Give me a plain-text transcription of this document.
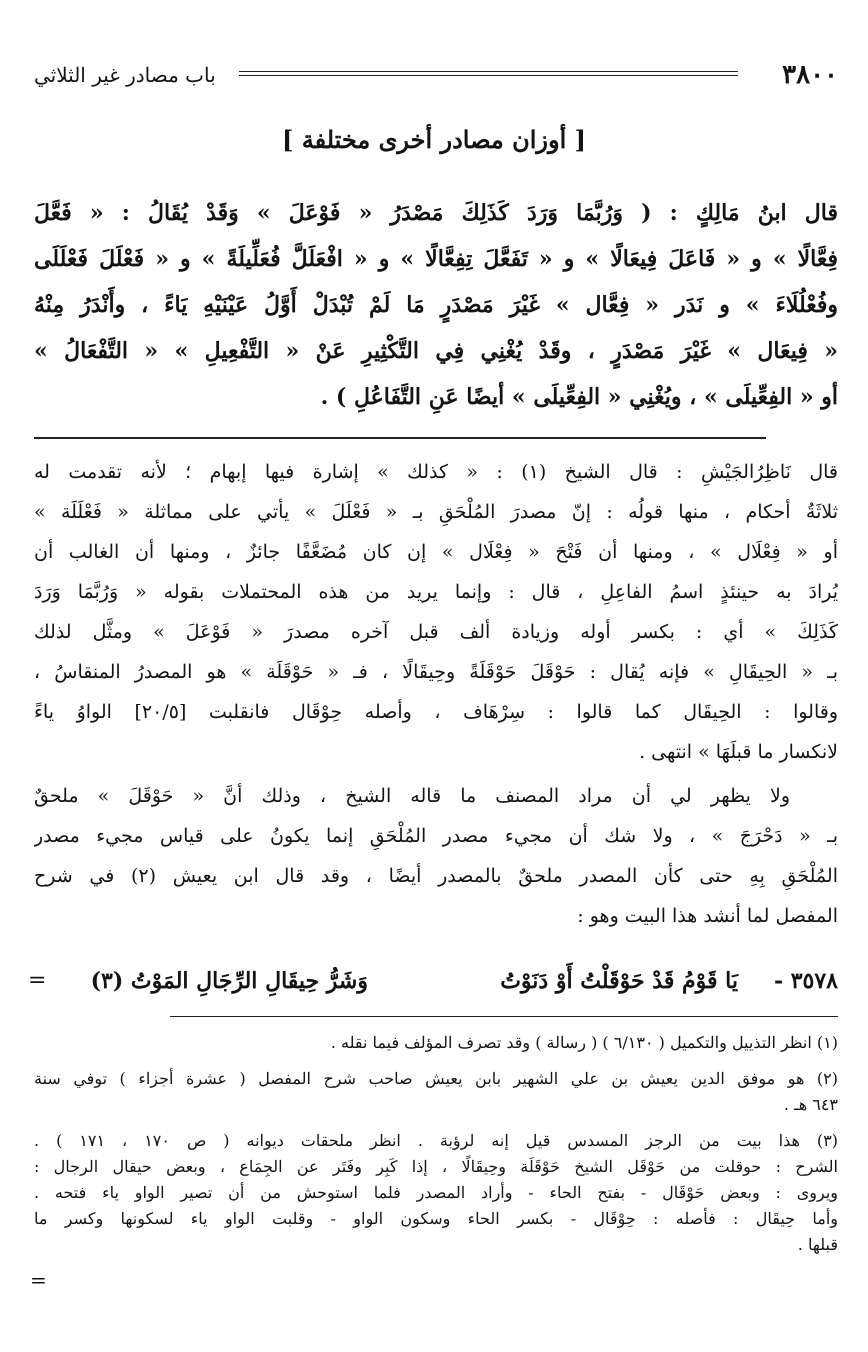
٣٨٠٠
باب مصادر غير الثلاثي
[ أوزان مصادر أخرى مختلفة ]
قال ابنُ مَالِكٍ : ( وَرُبَّمَا وَرَدَ كَذَلِكَ مَصْدَرُ « فَوْعَلَ » وَقَدْ يُقَالُ : « فَعَّلَ
فِعَّالًا » و « فَاعَلَ فِيعَالًا » و « تَفَعَّلَ تِفِعَّالًا » و « افْعَلَلَّ فُعَلِّيلَةً » و « فَعْلَلَ فَعْلَلَى
وفُعْلُلَاءَ » و نَدَر « فِعَّال » غَيْرَ مَصْدَرٍ مَا لَمْ تُبْدَلْ أَوَّلُ عَيْنَيْهِ يَاءً ، وأَنْدَرُ مِنْهُ
« فِيعَال » غَيْرَ مَصْدَرٍ ، وقَدْ يُغْنِي فِي التَّكْثِيرِ عَنْ « التَّفْعِيلِ » « التَّفْعَالُ »
أو « الفِعِّيلَى » ، ويُغْنِي « الفِعِّيلَى » أيضًا عَنِ التَّفَاعُلِ ) .
قال نَاظِرُالجَيْشِ : قال الشيخ (١) : « كذلك » إشارة فيها إبهام ؛ لأنه تقدمت له
ثلاثَةُ أحكام ، منها قولُه : إنّ مصدرَ المُلْحَقِ بـ « فَعْلَلَ » يأتي على مماثلة « فَعْلَلَة »
أو « فِعْلَال » ، ومنها أن فَتْحَ « فِعْلَال » إن كان مُضَعَّفًا جائزٌ ، ومنها أن الغالب أن
يُرادَ به حينئذٍ اسمُ الفاعِلِ ، قال : وإنما يريد من هذه المحتملات بقوله « وَرُبَّمَا وَرَدَ
كَذَلِكَ » أي : بكسر أوله وزيادة ألف قبل آخره مصدرَ « فَوْعَلَ » ومثَّل لذلك
بـ « الحِيقَالِ » فإنه يُقال : حَوْقَلَ حَوْقَلَةً وحِيقَالًا ، فـ « حَوْقَلَة » هو المصدرُ المنقاسُ ،
وقالوا : الحِيقَال كما قالوا : سِرْهَاف ، وأصله حِوْقَال فانقلبت [٢٠/٥] الواوُ ياءً
لانكسار ما قبلَهَا » انتهى .
ولا يظهر لي أن مراد المصنف ما قاله الشيخ ، وذلك أنَّ « حَوْقَلَ » ملحقٌ
بـ « دَحْرَجَ » ، ولا شك أن مجيء مصدر المُلْحَقِ إنما يكونُ على قياس مجيء مصدر
المُلْحَقِ بِهِ حتى كأن المصدر ملحقٌ بالمصدر أيضًا ، وقد قال ابن يعيش (٢) في شرح
المفصل لما أنشد هذا البيت وهو :
٣٥٧٨ -
يَا قَوْمُ قَدْ حَوْقَلْتُ أَوْ دَنَوْتُ
وَشَرُّ حِيقَالِ الرِّجَالِ المَوْتُ (٣)
=
(١) انظر التذييل والتكميل ( ٦/١٣٠ ) ( رسالة ) وقد تصرف المؤلف فيما نقله .
(٢) هو موفق الدين يعيش بن علي الشهير بابن يعيش صاحب شرح المفصل ( عشرة أجزاء ) توفي سنة
٦٤٣ هـ .
(٣) هذا بيت من الرجز المسدس قيل إنه لرؤبة . انظر ملحقات ديوانه ( ص ١٧٠ ، ١٧١ ) .
الشرح : حوقلت من حَوْقَل الشيخ حَوْقَلَة وحِيقَالًا ، إذا كَبِر وفَتَر عن الجِمَاع ، وبعض حيقال الرجال :
ويروى : وبعض حَوْقَال - بفتح الحاء - وأراد المصدر فلما استوحش من أن تصير الواو ياء فتحه .
وأما حِيقَال : فأصله : حِوْقَال - بكسر الحاء وسكون الواو - وقلبت الواو ياء لسكونها وكسر ما
قبلها .
=
